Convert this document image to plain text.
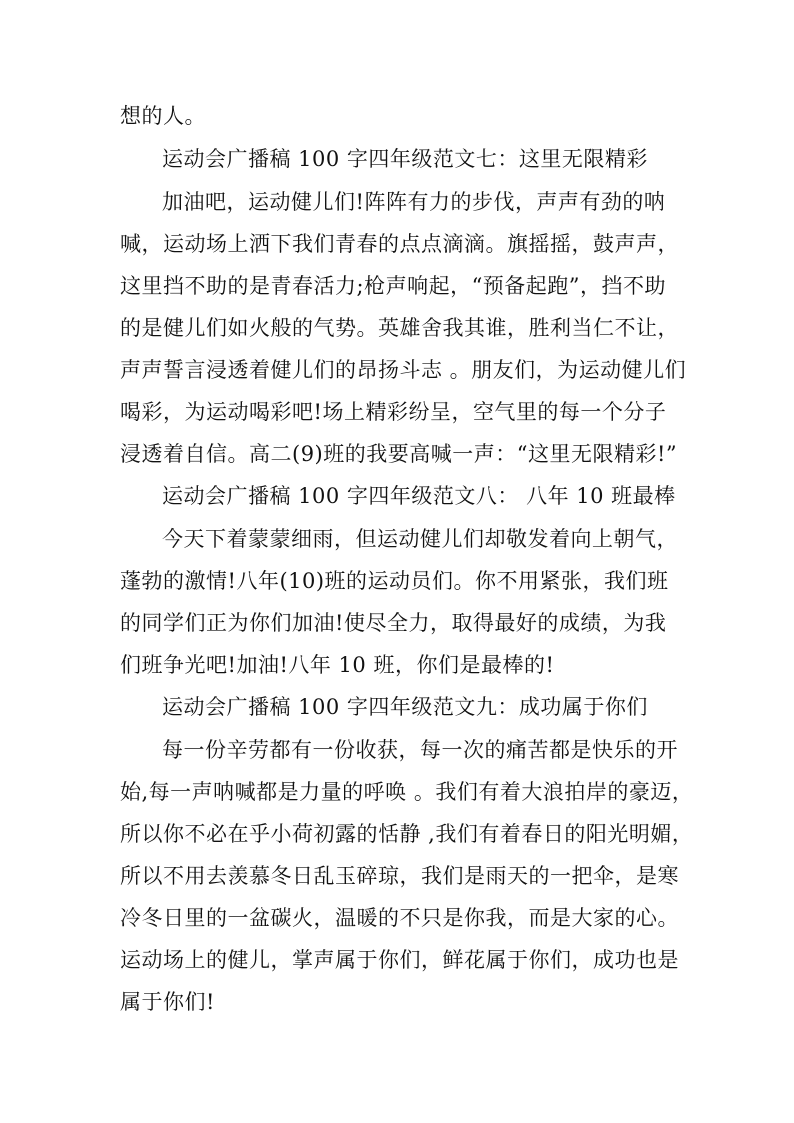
想的人。
运动会广播稿 100 字四年级范文七：这里无限精彩
加油吧，运动健儿们!阵阵有力的步伐，声声有劲的呐
喊，运动场上洒下我们青春的点点滴滴。旗摇摇，鼓声声，
这里挡不助的是青春活力;枪声响起，“预备起跑”，挡不助
的是健儿们如火般的气势。英雄舍我其谁，胜利当仁不让，
声声誓言浸透着健儿们的昂扬斗志 。朋友们，为运动健儿们
喝彩，为运动喝彩吧!场上精彩纷呈，空气里的每一个分子
浸透着自信。高二(9)班的我要高喊一声：“这里无限精彩!”
运动会广播稿 100 字四年级范文八： 八年 10 班最棒
今天下着蒙蒙细雨，但运动健儿们却敬发着向上朝气，
蓬勃的激情!八年(10)班的运动员们。你不用紧张，我们班
的同学们正为你们加油!使尽全力，取得最好的成绩，为我
们班争光吧!加油!八年 10 班，你们是最棒的!
运动会广播稿 100 字四年级范文九：成功属于你们
每一份辛劳都有一份收获，每一次的痛苦都是快乐的开
始,每一声呐喊都是力量的呼唤 。我们有着大浪拍岸的豪迈，
所以你不必在乎小荷初露的恬静 ,我们有着春日的阳光明媚，
所以不用去羡慕冬日乱玉碎琼，我们是雨天的一把伞，是寒
冷冬日里的一盆碳火，温暖的不只是你我，而是大家的心。
运动场上的健儿，掌声属于你们，鲜花属于你们，成功也是
属于你们!
